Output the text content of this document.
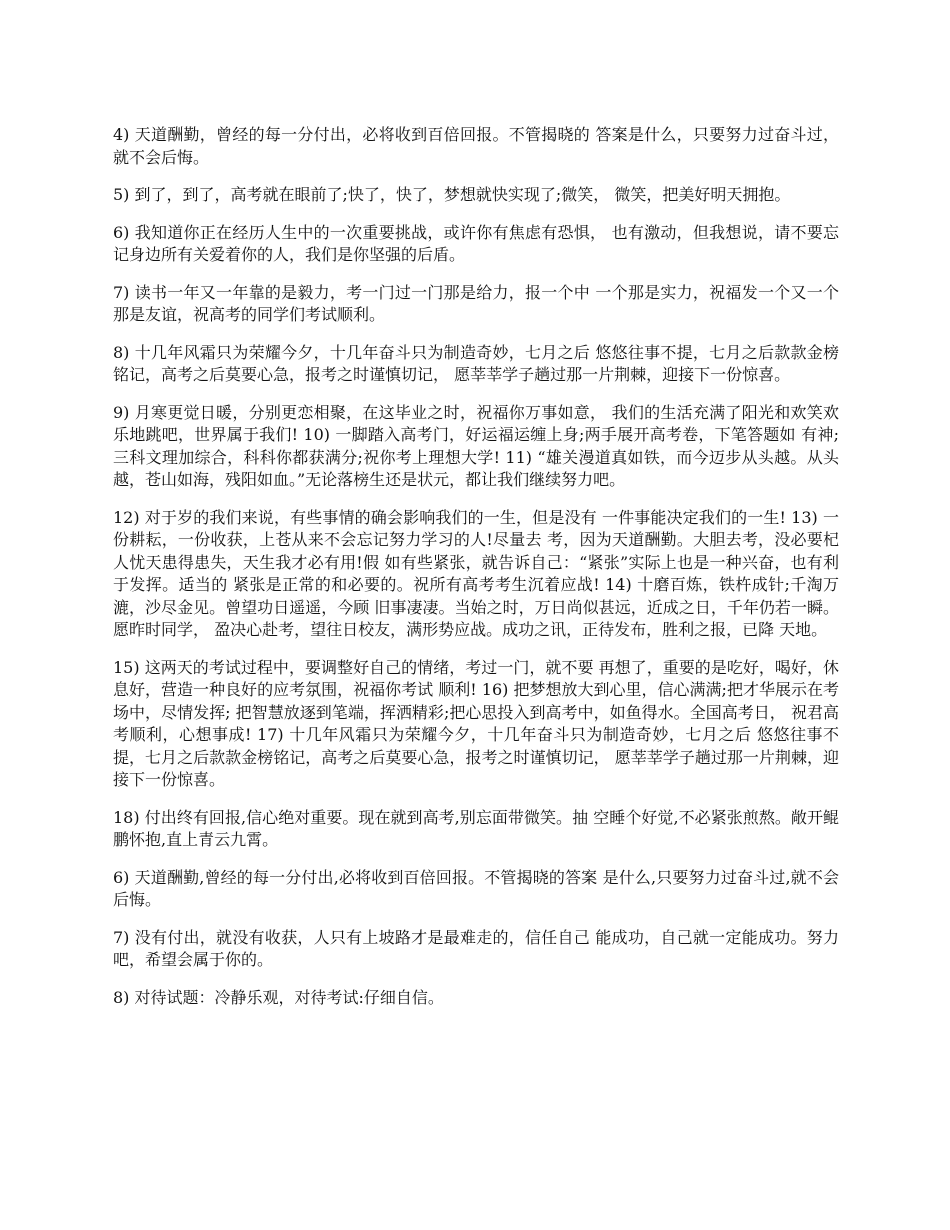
4) 天道酬勤，曾经的每一分付出，必将收到百倍回报。不管揭晓的 答案是什么，只要努力过奋斗过，就不会后悔。

5) 到了，到了，高考就在眼前了;快了，快了，梦想就快实现了;微笑， 微笑，把美好明天拥抱。

6) 我知道你正在经历人生中的一次重要挑战，或许你有焦虑有恐惧， 也有激动，但我想说，请不要忘记身边所有关爱着你的人，我们是你坚强的后盾。

7) 读书一年又一年靠的是毅力，考一门过一门那是给力，报一个中 一个那是实力，祝福发一个又一个那是友谊，祝高考的同学们考试顺利。

8) 十几年风霜只为荣耀今夕，十几年奋斗只为制造奇妙，七月之后 悠悠往事不提，七月之后款款金榜铭记，高考之后莫要心急，报考之时谨慎切记， 愿莘莘学子趟过那一片荆棘，迎接下一份惊喜。

9) 月寒更觉日暖，分别更恋相聚，在这毕业之时，祝福你万事如意， 我们的生活充满了阳光和欢笑欢乐地跳吧，世界属于我们! 10) 一脚踏入高考门，好运福运缠上身;两手展开高考卷，下笔答题如 有神;三科文理加综合，科科你都获满分;祝你考上理想大学! 11) “雄关漫道真如铁，而今迈步从头越。从头越，苍山如海，残阳如血。”无论落榜生还是状元，都让我们继续努力吧。

12) 对于岁的我们来说，有些事情的确会影响我们的一生，但是没有 一件事能决定我们的一生! 13) 一份耕耘，一份收获，上苍从来不会忘记努力学习的人!尽量去 考，因为天道酬勤。大胆去考，没必要杞人忧天患得患失，天生我才必有用!假 如有些紧张，就告诉自己：“紧张”实际上也是一种兴奋，也有利于发挥。适当的 紧张是正常的和必要的。祝所有高考考生沉着应战! 14) 十磨百炼，铁杵成针;千淘万漉，沙尽金见。曾望功日遥遥，今顾 旧事凄凄。当始之时，万日尚似甚远，近成之日，千年仍若一瞬。愿昨时同学， 盈决心赴考，望往日校友，满形势应战。成功之讯，正待发布，胜利之报，已降 天地。

15) 这两天的考试过程中，要调整好自己的情绪，考过一门，就不要 再想了，重要的是吃好，喝好，休息好，营造一种良好的应考氛围，祝福你考试 顺利! 16) 把梦想放大到心里，信心满满;把才华展示在考场中，尽情发挥; 把智慧放逐到笔端，挥洒精彩;把心思投入到高考中，如鱼得水。全国高考日， 祝君高考顺利，心想事成! 17) 十几年风霜只为荣耀今夕，十几年奋斗只为制造奇妙，七月之后 悠悠往事不提，七月之后款款金榜铭记，高考之后莫要心急，报考之时谨慎切记， 愿莘莘学子趟过那一片荆棘，迎接下一份惊喜。

18) 付出终有回报,信心绝对重要。现在就到高考,别忘面带微笑。抽 空睡个好觉,不必紧张煎熬。敞开鲲鹏怀抱,直上青云九霄。

6) 天道酬勤,曾经的每一分付出,必将收到百倍回报。不管揭晓的答案 是什么,只要努力过奋斗过,就不会后悔。

7) 没有付出，就没有收获，人只有上坡路才是最难走的，信任自己 能成功，自己就一定能成功。努力吧，希望会属于你的。

8) 对待试题：冷静乐观，对待考试:仔细自信。
